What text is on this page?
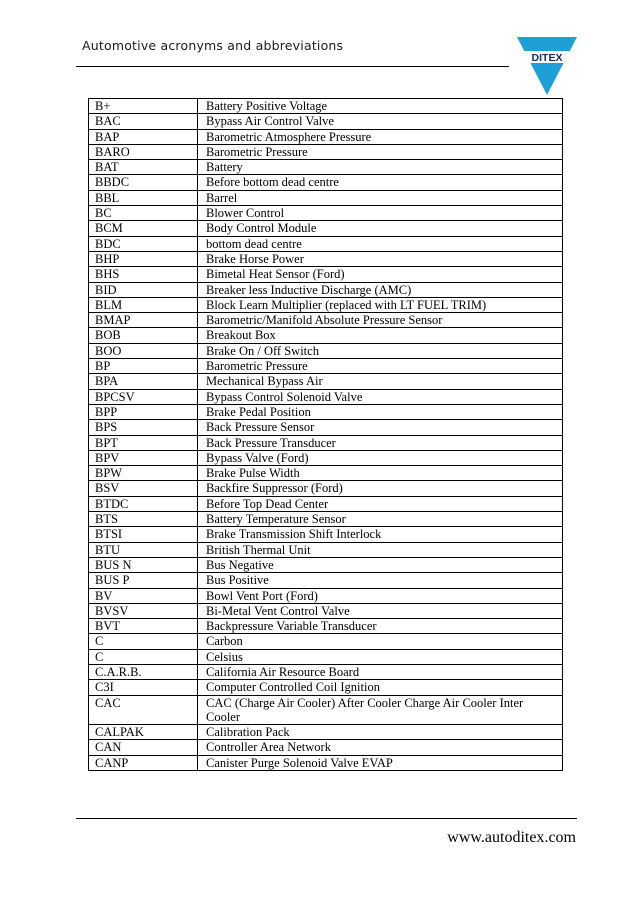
Automotive acronyms and abbreviations
DITEX
B+	Battery Positive Voltage
BAC	Bypass Air Control Valve
BAP	Barometric Atmosphere Pressure
BARO	Barometric Pressure
BAT	Battery
BBDC	Before bottom dead centre
BBL	Barrel
BC	Blower Control
BCM	Body Control Module
BDC	bottom dead centre
BHP	Brake Horse Power
BHS	Bimetal Heat Sensor (Ford)
BID	Breaker less Inductive Discharge (AMC)
BLM	Block Learn Multiplier (replaced with LT FUEL TRIM)
BMAP	Barometric/Manifold Absolute Pressure Sensor
BOB	Breakout Box
BOO	Brake On / Off Switch
BP	Barometric Pressure
BPA	Mechanical Bypass Air
BPCSV	Bypass Control Solenoid Valve
BPP	Brake Pedal Position
BPS	Back Pressure Sensor
BPT	Back Pressure Transducer
BPV	Bypass Valve (Ford)
BPW	Brake Pulse Width
BSV	Backfire Suppressor (Ford)
BTDC	Before Top Dead Center
BTS	Battery Temperature Sensor
BTSI	Brake Transmission Shift Interlock
BTU	British Thermal Unit
BUS N	Bus Negative
BUS P	Bus Positive
BV	Bowl Vent Port (Ford)
BVSV	Bi-Metal Vent Control Valve
BVT	Backpressure Variable Transducer
C	Carbon
C	Celsius
C.A.R.B.	California Air Resource Board
C3I	Computer Controlled Coil Ignition
CAC	CAC (Charge Air Cooler) After Cooler Charge Air Cooler Inter Cooler
CALPAK	Calibration Pack
CAN	Controller Area Network
CANP	Canister Purge Solenoid Valve EVAP
www.autoditex.com
